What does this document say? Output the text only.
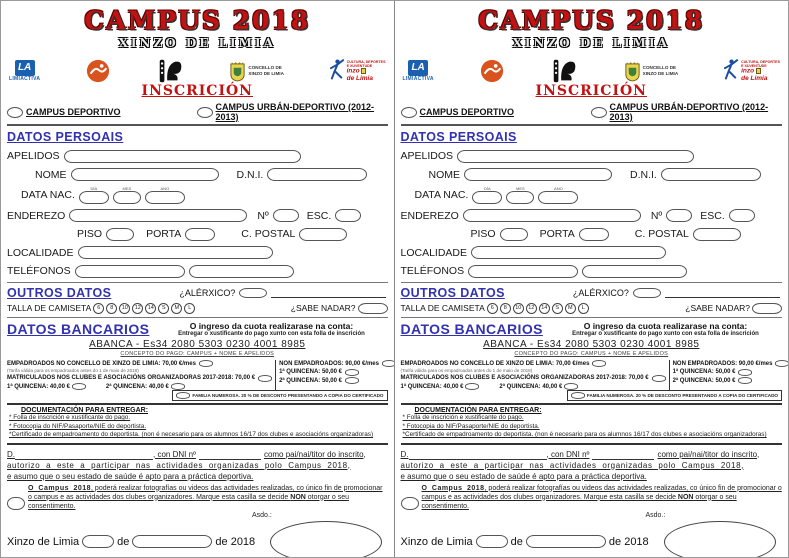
CAMPUS 2018
XINZO DE LIMIA
LA
LIMIACTIVA
CONCELLO DE
XINZO DE LIMIA
CULTURA, DEPORTES
E XUVENTUDE
inzo
de Limia
INSCRICIÓN
CAMPUS DEPORTIVO	CAMPUS URBÁN-DEPORTIVO (2012-2013)
DATOS PERSOAIS
APELIDOS
NOME	D.N.I.
DATA NAC.
DÍA	MES	ANO
ENDEREZO	Nº	ESC.
PISO	PORTA	C. POSTAL
LOCALIDADE
TELÉFONOS
OUTROS DATOS	¿ALÉRXICO?
TALLA DE CAMISETA	6	8	10	12	14	S	M	L	¿SABE NADAR?
DATOS BANCARIOS	O ingreso da cuota realizarase na conta:
Entregar o xustificante do pago xunto con esta folla de inscrición
ABANCA - Es34 2080 5303 0230 4001 8985
CONCEPTO DO PAGO: CAMPUS + NOME E APELIDOS
EMPADROADOS NO CONCELLO DE XINZO DE LIMIA: 70,00 €/mes
(Tarifa válida para os empadroados antes do 1 de maio de 2018)
MATRICULADOS NOS CLUBES E ASOCIACIÓNS ORGANIZADORAS 2017-2018: 70,00 €
1ª QUINCENA: 40,00 €	2ª QUINCENA: 40,00 €
NON EMPADROADOS: 90,00 €/mes
1ª QUINCENA: 50,00 €
2ª QUINCENA: 50,00 €
FAMILIA NUMEROSA. 20 % DE DESCONTO PRESENTANDO A COPIA DO CERTIFICADO
DOCUMENTACIÓN PARA ENTREGAR:
* Folla de inscrición e xustificante do pago.
* Fotocopia do NIF/Pasaporte/NIE do deportista.
*Certificado de empadroamento do deportista. (non é necesario para os alumnos 16/17 dos clubes e asociacións organizadoras)
D.	, con DNI nº	como pai/nai/titor do inscrito,
autorizo a este a participar nas actividades organizadas polo Campus 2018,
e asumo que o seu estado de saúde é apto para a práctica deportiva.
O Campus 2018, poderá realizar fotografías ou videos das actividades realizadas, co único fin de promocionar o campus e as actividades dos clubes organizadores. Marque esta casilla se decide NON otorgar o seu consentimento.
Asdo.:
Xinzo de Limia	de	de 2018
CAMPUS 2018
XINZO DE LIMIA
LA
LIMIACTIVA
CONCELLO DE
XINZO DE LIMIA
CULTURA, DEPORTES
E XUVENTUDE
inzo
de Limia
INSCRICIÓN
CAMPUS DEPORTIVO	CAMPUS URBÁN-DEPORTIVO (2012-2013)
DATOS PERSOAIS
APELIDOS
NOME	D.N.I.
DATA NAC.
DÍA	MES	ANO
ENDEREZO	Nº	ESC.
PISO	PORTA	C. POSTAL
LOCALIDADE
TELÉFONOS
OUTROS DATOS	¿ALÉRXICO?
TALLA DE CAMISETA	6	8	10	12	14	S	M	L	¿SABE NADAR?
DATOS BANCARIOS	O ingreso da cuota realizarase na conta:
Entregar o xustificante do pago xunto con esta folla de inscrición
ABANCA - Es34 2080 5303 0230 4001 8985
CONCEPTO DO PAGO: CAMPUS + NOME E APELIDOS
EMPADROADOS NO CONCELLO DE XINZO DE LIMIA: 70,00 €/mes
(Tarifa válida para os empadroados antes do 1 de maio de 2018)
MATRICULADOS NOS CLUBES E ASOCIACIÓNS ORGANIZADORAS 2017-2018: 70,00 €
1ª QUINCENA: 40,00 €	2ª QUINCENA: 40,00 €
NON EMPADROADOS: 90,00 €/mes
1ª QUINCENA: 50,00 €
2ª QUINCENA: 50,00 €
FAMILIA NUMEROSA. 20 % DE DESCONTO PRESENTANDO A COPIA DO CERTIFICADO
DOCUMENTACIÓN PARA ENTREGAR:
* Folla de inscrición e xustificante do pago.
* Fotocopia do NIF/Pasaporte/NIE do deportista.
*Certificado de empadroamento do deportista. (non é necesario para os alumnos 16/17 dos clubes e asociacións organizadoras)
D.	, con DNI nº	como pai/nai/titor do inscrito,
autorizo a este a participar nas actividades organizadas polo Campus 2018,
e asumo que o seu estado de saúde é apto para a práctica deportiva.
O Campus 2018, poderá realizar fotografías ou videos das actividades realizadas, co único fin de promocionar o campus e as actividades dos clubes organizadores. Marque esta casilla se decide NON otorgar o seu consentimento.
Asdo.:
Xinzo de Limia	de	de 2018
